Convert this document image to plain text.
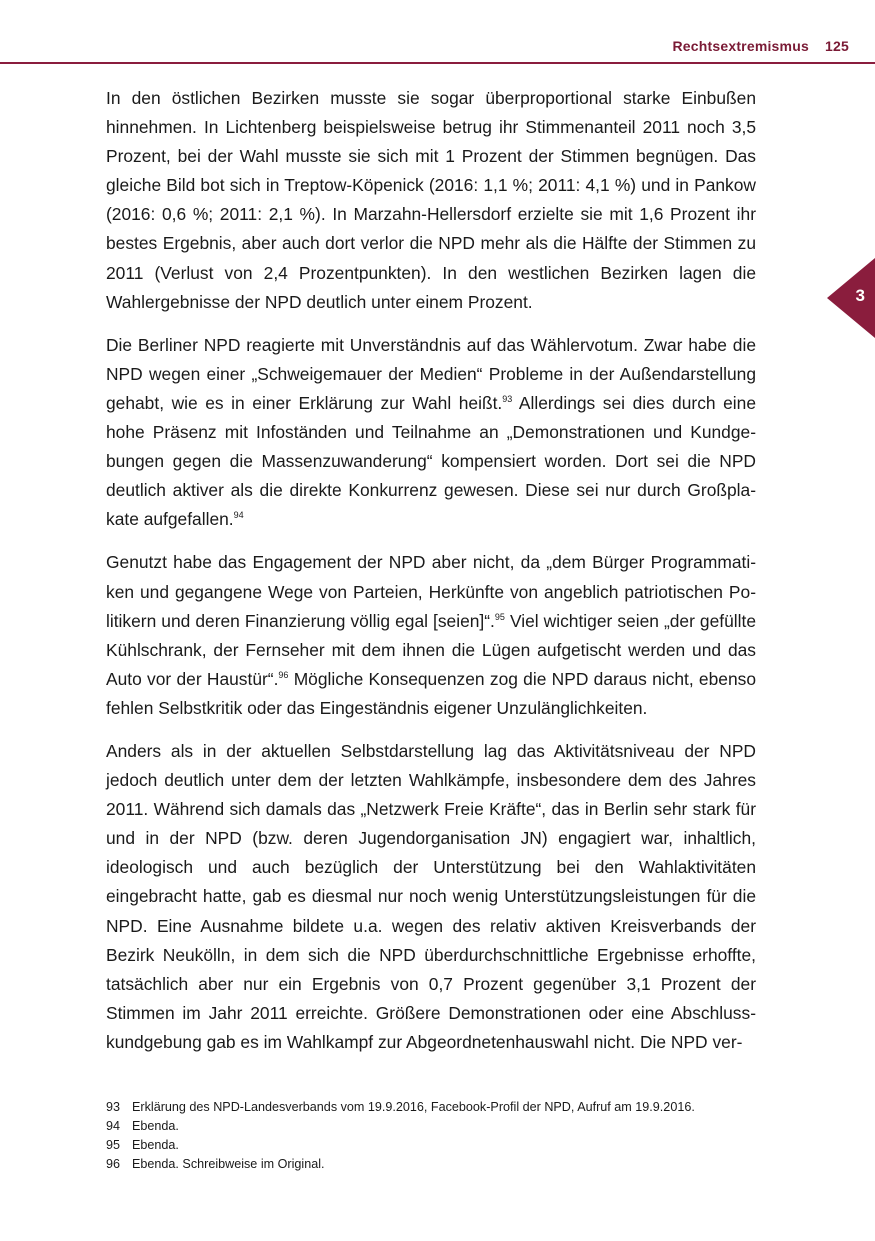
Rechtsextremismus 125
3

In den östlichen Bezirken musste sie sogar überproportional starke Einbußen hinnehmen. In Lichtenberg beispielsweise betrug ihr Stimmenanteil 2011 noch 3,5 Prozent, bei der Wahl musste sie sich mit 1 Prozent der Stimmen begnügen. Das gleiche Bild bot sich in Treptow-Köpenick (2016: 1,1 %; 2011: 4,1 %) und in Pankow (2016: 0,6 %; 2011: 2,1 %). In Marzahn-Hellersdorf erzielte sie mit 1,6 Prozent ihr bestes Ergebnis, aber auch dort verlor die NPD mehr als die Hälfte der Stimmen zu 2011 (Verlust von 2,4 Prozentpunkten). In den westlichen Bezirken lagen die Wahlergebnisse der NPD deutlich unter einem Prozent.

Die Berliner NPD reagierte mit Unverständnis auf das Wählervotum. Zwar habe die NPD wegen einer „Schweigemauer der Medien“ Probleme in der Außendarstellung gehabt, wie es in einer Erklärung zur Wahl heißt.$^{93}$ Allerdings sei dies durch eine hohe Präsenz mit Infoständen und Teilnahme an „Demonstrationen und Kundgebungen gegen die Massenzuwanderung“ kompensiert worden. Dort sei die NPD deutlich aktiver als die direkte Konkurrenz gewesen. Diese sei nur durch Großplakate aufgefallen.$^{94}$

Genutzt habe das Engagement der NPD aber nicht, da „dem Bürger Programmatiken und gegangene Wege von Parteien, Herkünfte von angeblich patriotischen Politikern und deren Finanzierung völlig egal [seien]“.$^{95}$ Viel wichtiger seien „der gefüllte Kühlschrank, der Fernseher mit dem ihnen die Lügen aufgetischt werden und das Auto vor der Haustür“.$^{96}$ Mögliche Konsequenzen zog die NPD daraus nicht, ebenso fehlen Selbstkritik oder das Eingeständnis eigener Unzulänglichkeiten.

Anders als in der aktuellen Selbstdarstellung lag das Aktivitätsniveau der NPD jedoch deutlich unter dem der letzten Wahlkämpfe, insbesondere dem des Jahres 2011. Während sich damals das „Netzwerk Freie Kräfte“, das in Berlin sehr stark für und in der NPD (bzw. deren Jugendorganisation JN) engagiert war, inhaltlich, ideologisch und auch bezüglich der Unterstützung bei den Wahlaktivitäten eingebracht hatte, gab es diesmal nur noch wenig Unterstützungsleistungen für die NPD. Eine Ausnahme bildete u.a. wegen des relativ aktiven Kreisverbands der Bezirk Neukölln, in dem sich die NPD überdurchschnittliche Ergebnisse erhoffte, tatsächlich aber nur ein Ergebnis von 0,7 Prozent gegenüber 3,1 Prozent der Stimmen im Jahr 2011 erreichte. Größere Demonstrationen oder eine Abschlusskundgebung gab es im Wahlkampf zur Abgeordnetenhauswahl nicht. Die NPD ver-

93 Erklärung des NPD-Landesverbands vom 19.9.2016, Facebook-Profil der NPD, Aufruf am 19.9.2016.
94 Ebenda.
95 Ebenda.
96 Ebenda. Schreibweise im Original.
